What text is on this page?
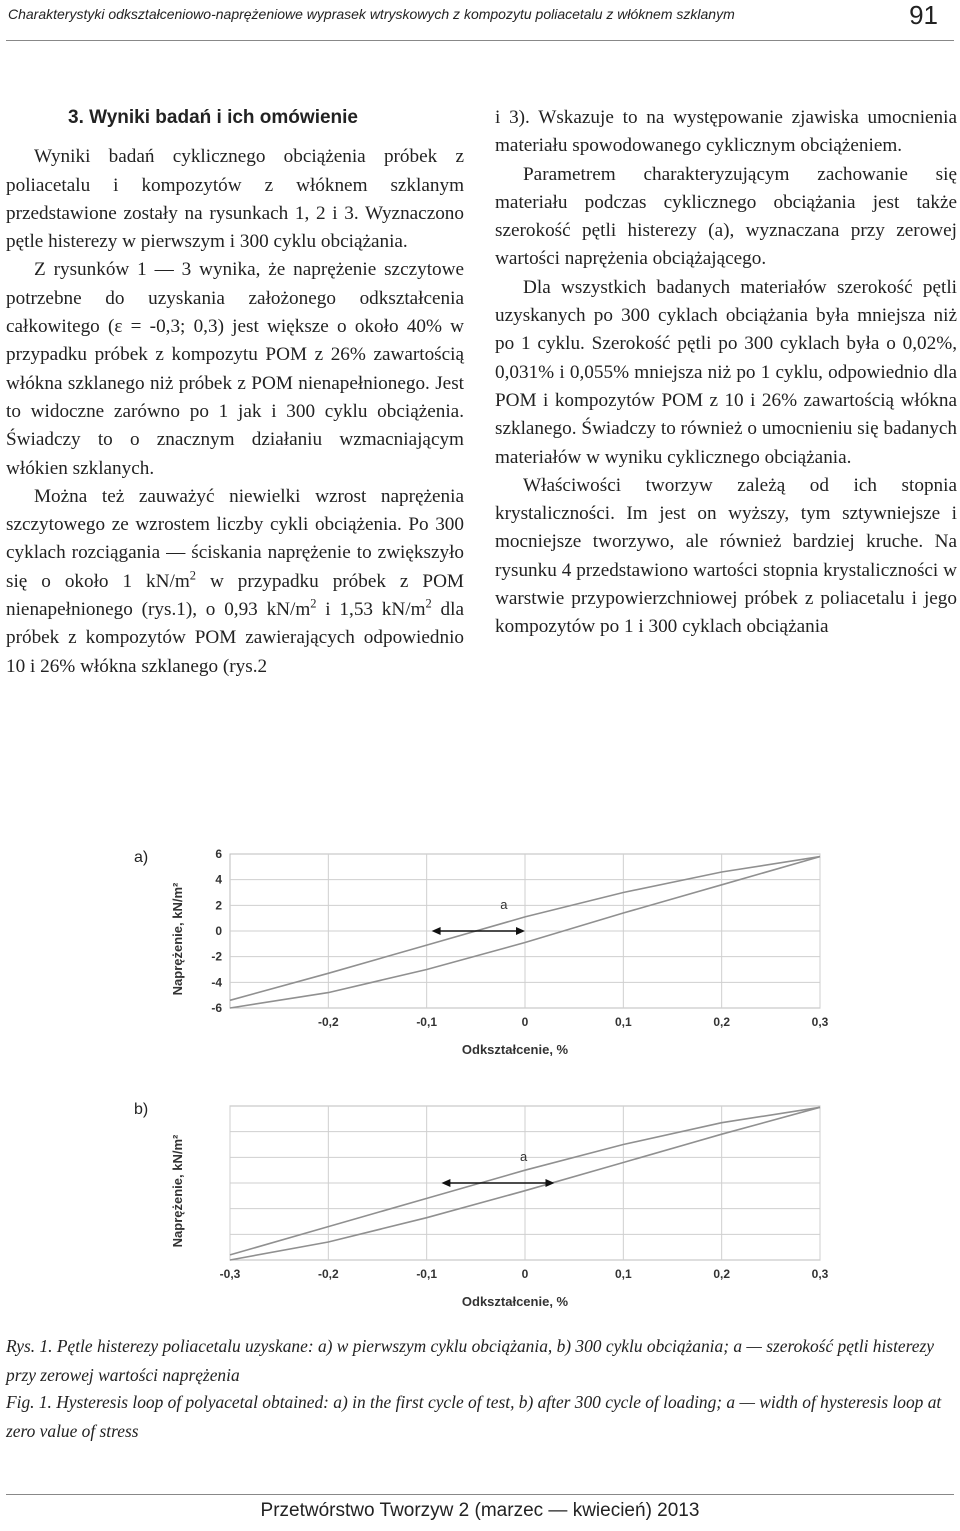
Charakterystyki odkształceniowo-naprężeniowe wyprasek wtryskowych z kompozytu poliacetalu z włóknem szklanym	91

3. Wyniki badań i ich omówienie

Wyniki badań cyklicznego obciążenia próbek z poliacetalu i kompozytów z włóknem szklanym przedstawione zostały na rysunkach 1, 2 i 3. Wyznaczono pętle histerezy w pierwszym i 300 cyklu obciążania.

Z rysunków 1 — 3 wynika, że naprężenie szczytowe potrzebne do uzyskania założonego odkształcenia całkowitego (ε = -0,3; 0,3) jest większe o około 40% w przypadku próbek z kompozytu POM z 26% zawartością włókna szklanego niż próbek z POM nienapełnionego. Jest to widoczne zarówno po 1 jak i 300 cyklu obciążenia. Świadczy to o znacznym działaniu wzmacniającym włókien szklanych.

Można też zauważyć niewielki wzrost naprężenia szczytowego ze wzrostem liczby cykli obciążenia. Po 300 cyklach rozciągania — ściskania naprężenie to zwiększyło się o około 1 $kN/m^2$ w przypadku próbek z POM nienapełnionego (rys.1), o 0,93 $kN/m^2$ i 1,53 $kN/m^2$ dla próbek z kompozytów POM zawierających odpowiednio 10 i 26% włókna szklanego (rys.2

i 3). Wskazuje to na występowanie zjawiska umocnienia materiału spowodowanego cyklicznym obciążeniem.

Parametrem charakteryzującym zachowanie się materiału podczas cyklicznego obciążania jest także szerokość pętli histerezy (a), wyznaczana przy zerowej wartości naprężenia obciążającego.

Dla wszystkich badanych materiałów szerokość pętli uzyskanych po 300 cyklach obciążania była mniejsza niż po 1 cyklu. Szerokość pętli po 300 cyklach była o 0,02%, 0,031% i 0,055% mniejsza niż po 1 cyklu, odpowiednio dla POM i kompozytów POM z 10 i 26% zawartością włókna szklanego. Świadczy to również o umocnieniu się badanych materiałów w wyniku cyklicznego obciążania.

Właściwości tworzyw zależą od ich stopnia krystaliczności. Im jest on wyższy, tym sztywniejsze i mocniejsze tworzywo, ale również bardziej kruche. Na rysunku 4 przedstawiono wartości stopnia krystaliczności w warstwie przypowierzchniowej próbek z poliacetalu i jego kompozytów po 1 i 300 cyklach obciążania

-0,2	-0,1	0	0,1	0,2	0,3
6
4
2
0
-2
-4
-6
a
a)
Odkształcenie, %
Naprężenie, kN/m²
-0,3	-0,2	-0,1	0	0,1	0,2	0,3
a
b)
Odkształcenie, %
Naprężenie, kN/m²
Rys. 1. Pętle histerezy poliacetalu uzyskane: a) w pierwszym cyklu obciążania, b) 300 cyklu obciążania; a — szerokość pętli histerezy przy zerowej wartości naprężenia
Fig. 1. Hysteresis loop of polyacetal obtained: a) in the first cycle of test, b) after 300 cycle of loading; a — width of hysteresis loop at zero value of stress
Przetwórstwo Tworzyw 2 (marzec — kwiecień) 2013
